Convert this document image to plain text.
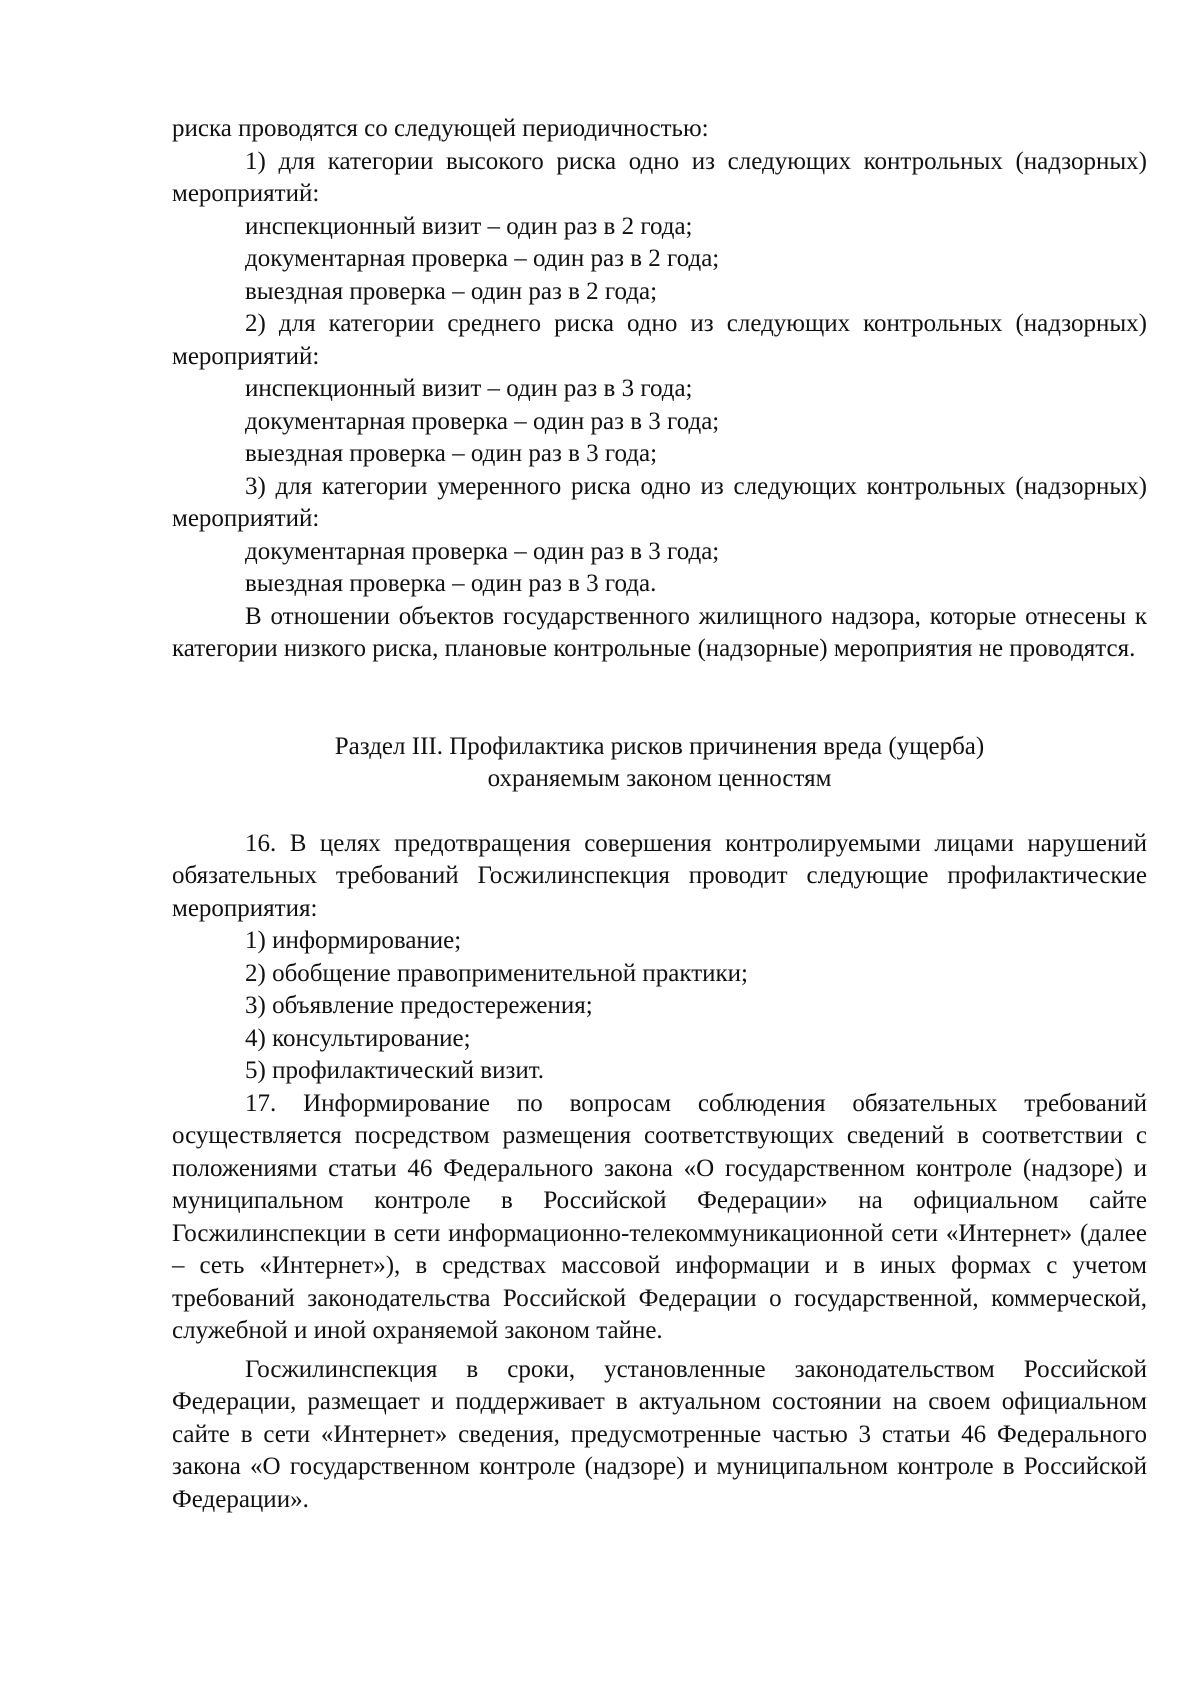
риска проводятся со следующей периодичностью:

1) для категории высокого риска одно из следующих контрольных (надзорных) мероприятий:

инспекционный визит – один раз в 2 года;

документарная проверка – один раз в 2 года;

выездная проверка – один раз в 2 года;

2) для категории среднего риска одно из следующих контрольных (надзорных) мероприятий:

инспекционный визит – один раз в 3 года;

документарная проверка – один раз в 3 года;

выездная проверка – один раз в 3 года;

3) для категории умеренного риска одно из следующих контрольных (надзорных) мероприятий:

документарная проверка – один раз в 3 года;

выездная проверка – один раз в 3 года.

В отношении объектов государственного жилищного надзора, которые отнесены к категории низкого риска, плановые контрольные (надзорные) мероприятия не проводятся.

Раздел III. Профилактика рисков причинения вреда (ущерба)

охраняемым законом ценностям

16. В целях предотвращения совершения контролируемыми лицами нарушений обязательных требований Госжилинспекция проводит следующие профилактические мероприятия:

1) информирование;

2) обобщение правоприменительной практики;

3) объявление предостережения;

4) консультирование;

5) профилактический визит.

17. Информирование по вопросам соблюдения обязательных требований осуществляется посредством размещения соответствующих сведений в соответствии с положениями статьи 46 Федерального закона «О государственном контроле (надзоре) и муниципальном контроле в Российской Федерации» на официальном сайте Госжилинспекции в сети информационно-телекоммуникационной сети «Интернет» (далее – сеть «Интернет»), в средствах массовой информации и в иных формах с учетом требований законодательства Российской Федерации о государственной, коммерческой, служебной и иной охраняемой законом тайне.

Госжилинспекция в сроки, установленные законодательством Российской Федерации, размещает и поддерживает в актуальном состоянии на своем официальном сайте в сети «Интернет» сведения, предусмотренные частью 3 статьи 46 Федерального закона «О государственном контроле (надзоре) и муниципальном контроле в Российской Федерации».
